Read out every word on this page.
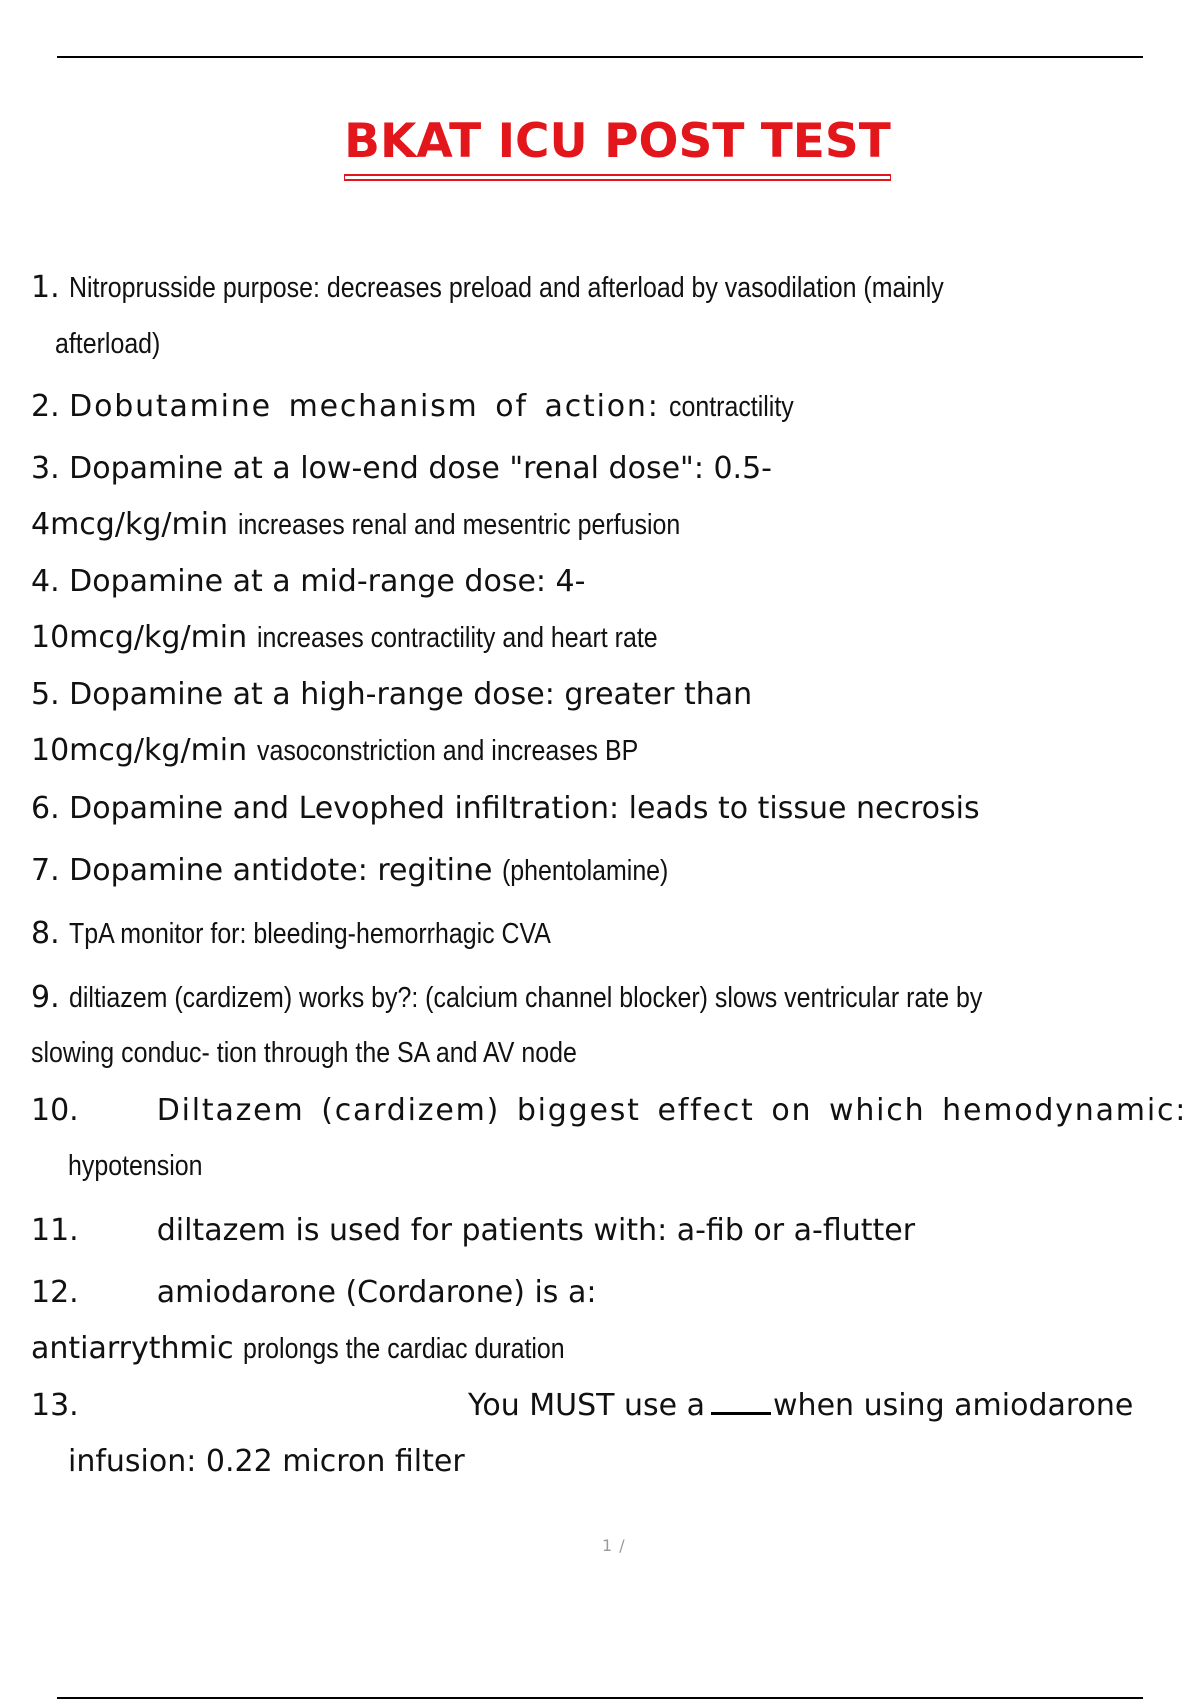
BKAT ICU POST TEST
1. Nitroprusside purpose: decreases preload and afterload by vasodilation (mainly
afterload)
2. Dobutamine mechanism of action: contractility
3. Dopamine at a low-end dose "renal dose": 0.5-
4mcg/kg/min increases renal and mesentric perfusion
4. Dopamine at a mid-range dose: 4-
10mcg/kg/min increases contractility and heart rate
5. Dopamine at a high-range dose: greater than
10mcg/kg/min vasoconstriction and increases BP
6. Dopamine and Levophed infiltration: leads to tissue necrosis
7. Dopamine antidote: regitine (phentolamine)
8. TpA monitor for: bleeding-hemorrhagic CVA
9. diltiazem (cardizem) works by?: (calcium channel blocker) slows ventricular rate by
slowing conduc- tion through the SA and AV node
10.	Diltazem (cardizem) biggest effect on which hemodynamic:
hypotension
11.	diltazem is used for patients with: a-fib or a-flutter
12.	amiodarone (Cordarone) is a:
antiarrythmic prolongs the cardiac duration
13.	You MUST use a when using amiodarone
infusion: 0.22 micron filter
1 /
